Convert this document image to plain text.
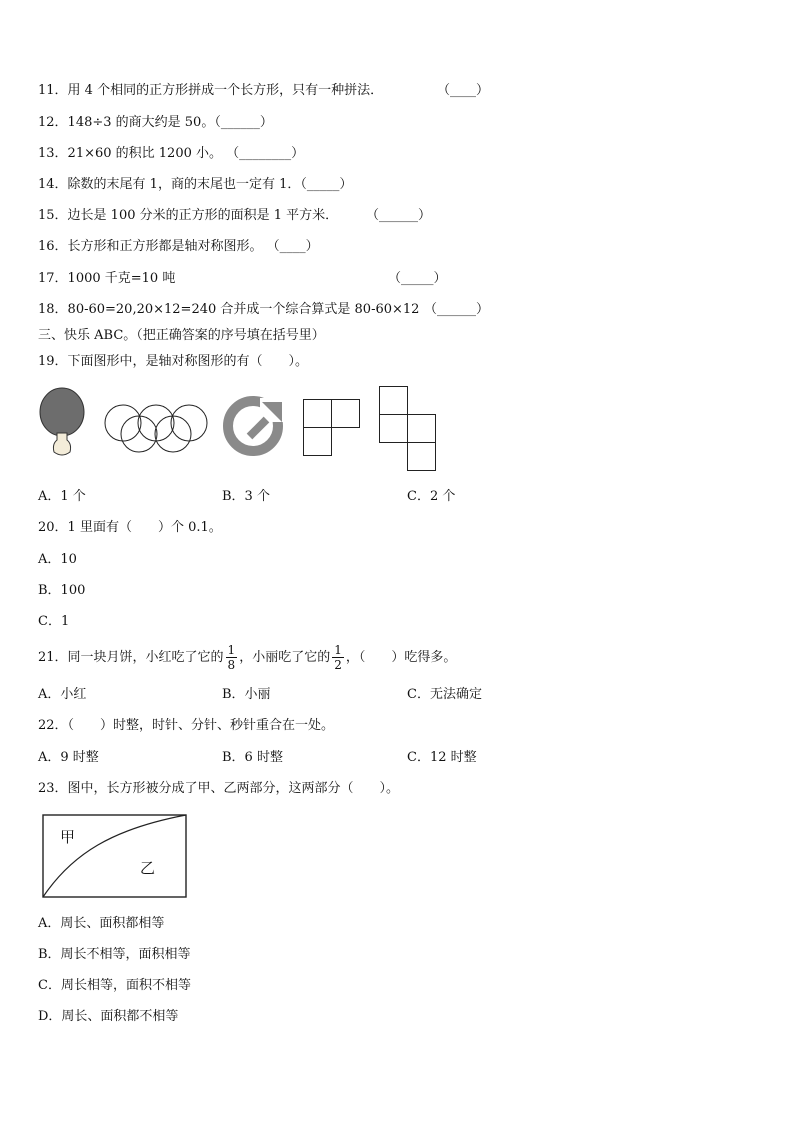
11．用 4 个相同的正方形拼成一个长方形，只有一种拼法．	（____）
12．148÷3 的商大约是 50。（______）
13．21×60 的积比 1200 小。 （________）
14．除数的末尾有 1，商的末尾也一定有 1．（_____）
15．边长是 100 分米的正方形的面积是 1 平方米． （______）
16．长方形和正方形都是轴对称图形。 （____）
17．1000 千克=10 吨	（_____）
18．80-60=20,20×12=240 合并成一个综合算式是 80-60×12 （______）
三、快乐 ABC。（把正确答案的序号填在括号里）
19．下面图形中，是轴对称图形的有（　　）。
A．1 个	B．3 个	C．2 个
20．1 里面有（　　）个 0.1。
A．10
B．100
C．1
21．同一块月饼，小红吃了它的 $\frac{1}{8}$ ，小丽吃了它的 $\frac{1}{2}$ ，（　　）吃得多。
A．小红	B．小丽	C．无法确定
22．（　　）时整，时针、分针、秒针重合在一处。
A．9 时整	B．6 时整	C．12 时整
23．图中，长方形被分成了甲、乙两部分，这两部分（　　）。
甲
乙
A．周长、面积都相等
B．周长不相等，面积相等
C．周长相等，面积不相等
D．周长、面积都不相等
